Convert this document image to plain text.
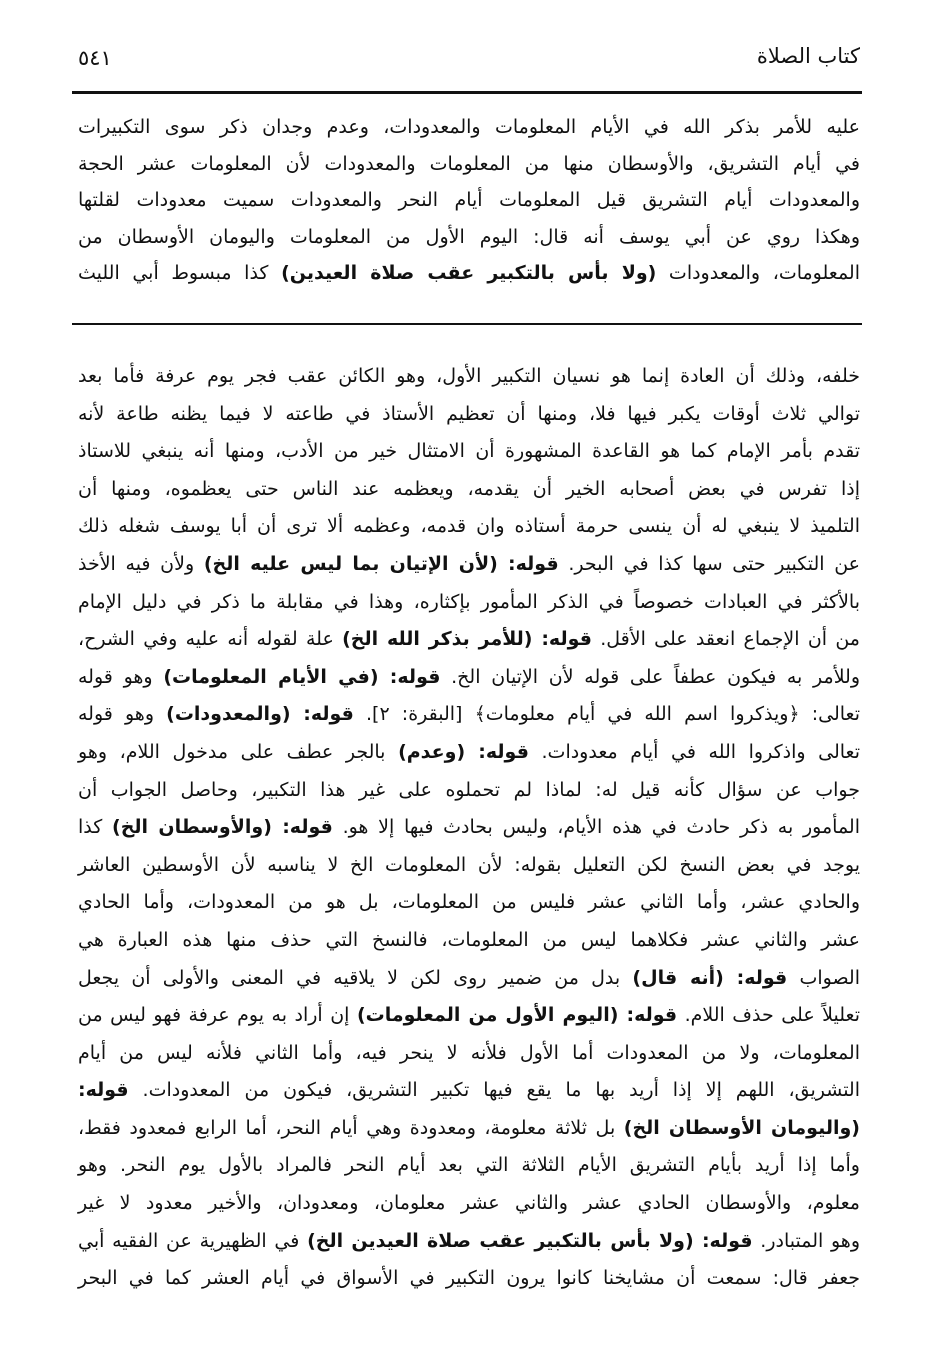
كتاب الصلاة
٥٤١
عليه للأمر بذكر الله في الأيام المعلومات والمعدودات، وعدم وجدان ذكر سوى التكبيرات
في أيام التشريق، والأوسطان منها من المعلومات والمعدودات لأن المعلومات عشر الحجة
والمعدودات أيام التشريق قيل المعلومات أيام النحر والمعدودات سميت معدودات لقلتها
وهكذا روي عن أبي يوسف أنه قال: اليوم الأول من المعلومات واليومان الأوسطان من
المعلومات، والمعدودات (ولا بأس بالتكبير عقب صلاة العيدين) كذا مبسوط أبي الليث
خلفه، وذلك أن العادة إنما هو نسيان التكبير الأول، وهو الكائن عقب فجر يوم عرفة فأما بعد
توالي ثلاث أوقات يكبر فيها فلا، ومنها أن تعظيم الأستاذ في طاعته لا فيما يظنه طاعة لأنه
تقدم بأمر الإمام كما هو القاعدة المشهورة أن الامتثال خير من الأدب، ومنها أنه ينبغي للاستاذ
إذا تفرس في بعض أصحابه الخير أن يقدمه، ويعظمه عند الناس حتى يعظموه، ومنها أن
التلميذ لا ينبغي له أن ينسى حرمة أستاذه وان قدمه، وعظمه ألا ترى أن أبا يوسف شغله ذلك
عن التكبير حتى سها كذا في البحر. قوله: (لأن الإتيان بما ليس عليه الخ) ولأن فيه الأخذ
بالأكثر في العبادات خصوصاً في الذكر المأمور بإكثاره، وهذا في مقابلة ما ذكر في دليل الإمام
من أن الإجماع انعقد على الأقل. قوله: (للأمر بذكر الله الخ) علة لقوله أنه عليه وفي الشرح،
وللأمر به فيكون عطفاً على قوله لأن الإتيان الخ. قوله: (في الأيام المعلومات) وهو قوله
تعالى: ﴿ويذكروا اسم الله في أيام معلومات﴾ [البقرة: ٢]. قوله: (والمعدودات) وهو قوله
تعالى واذكروا الله في أيام معدودات. قوله: (وعدم) بالجر عطف على مدخول اللام، وهو
جواب عن سؤال كأنه قيل له: لماذا لم تحملوه على غير هذا التكبير، وحاصل الجواب أن
المأمور به ذكر حادث في هذه الأيام، وليس بحادث فيها إلا هو. قوله: (والأوسطان الخ) كذا
يوجد في بعض النسخ لكن التعليل بقوله: لأن المعلومات الخ لا يناسبه لأن الأوسطين العاشر
والحادي عشر، وأما الثاني عشر فليس من المعلومات، بل هو من المعدودات، وأما الحادي
عشر والثاني عشر فكلاهما ليس من المعلومات، فالنسخ التي حذف منها هذه العبارة هي
الصواب قوله: (أنه قال) بدل من ضمير روى لكن لا يلاقيه في المعنى والأولى أن يجعل
تعليلاً على حذف اللام. قوله: (اليوم الأول من المعلومات) إن أراد به يوم عرفة فهو ليس من
المعلومات، ولا من المعدودات أما الأول فلأنه لا ينحر فيه، وأما الثاني فلأنه ليس من أيام
التشريق، اللهم إلا إذا أريد بها ما يقع فيها تكبير التشريق، فيكون من المعدودات. قوله:
(واليومان الأوسطان الخ) بل ثلاثة معلومة، ومعدودة وهي أيام النحر، أما الرابع فمعدود فقط،
وأما إذا أريد بأيام التشريق الأيام الثلاثة التي بعد أيام النحر فالمراد بالأول يوم النحر. وهو
معلوم، والأوسطان الحادي عشر والثاني عشر معلومان، ومعدودان، والأخير معدود لا غير
وهو المتبادر. قوله: (ولا بأس بالتكبير عقب صلاة العيدين الخ) في الظهيرية عن الفقيه أبي
جعفر قال: سمعت أن مشايخنا كانوا يرون التكبير في الأسواق في أيام العشر كما في البحر
